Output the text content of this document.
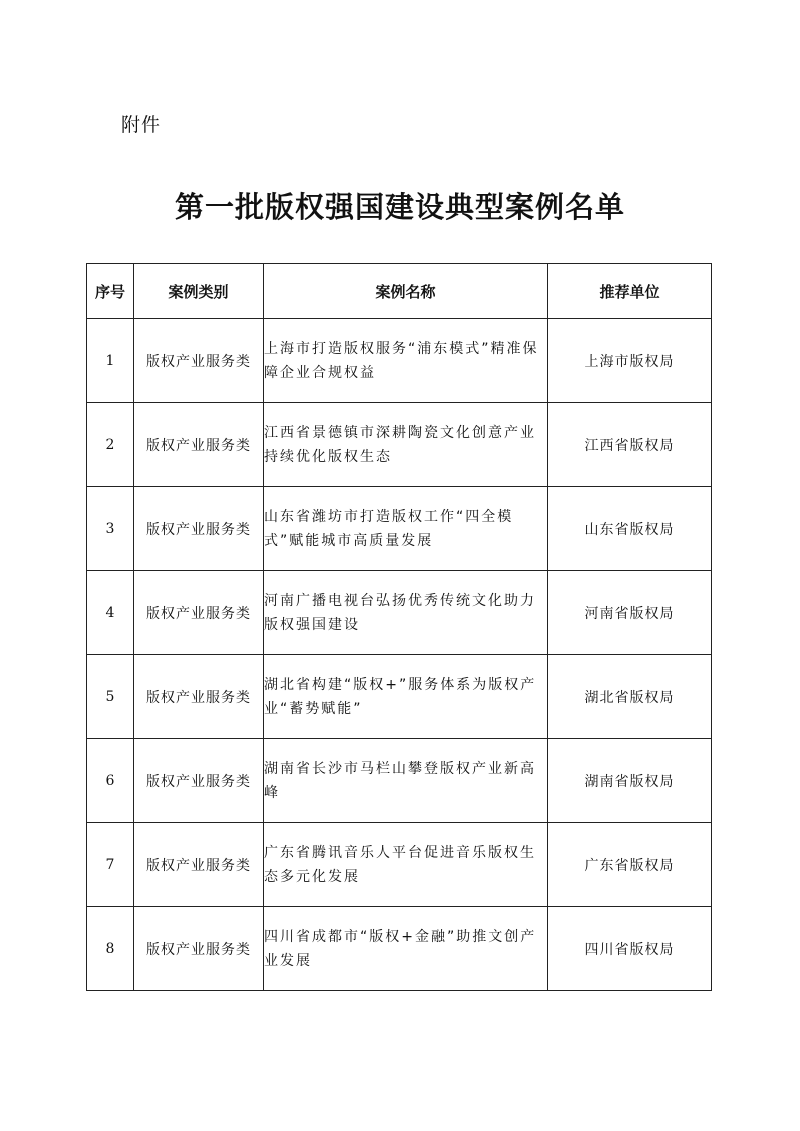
附件
第一批版权强国建设典型案例名单
序号	案例类别	案例名称	推荐单位
1	版权产业服务类	上海市打造版权服务“浦东模式”精准保障企业合规权益	上海市版权局
2	版权产业服务类	江西省景德镇市深耕陶瓷文化创意产业持续优化版权生态	江西省版权局
3	版权产业服务类	山东省潍坊市打造版权工作“四全模式”赋能城市高质量发展	山东省版权局
4	版权产业服务类	河南广播电视台弘扬优秀传统文化助力版权强国建设	河南省版权局
5	版权产业服务类	湖北省构建“版权+”服务体系为版权产业“蓄势赋能”	湖北省版权局
6	版权产业服务类	湖南省长沙市马栏山攀登版权产业新高峰	湖南省版权局
7	版权产业服务类	广东省腾讯音乐人平台促进音乐版权生态多元化发展	广东省版权局
8	版权产业服务类	四川省成都市“版权+金融”助推文创产业发展	四川省版权局
